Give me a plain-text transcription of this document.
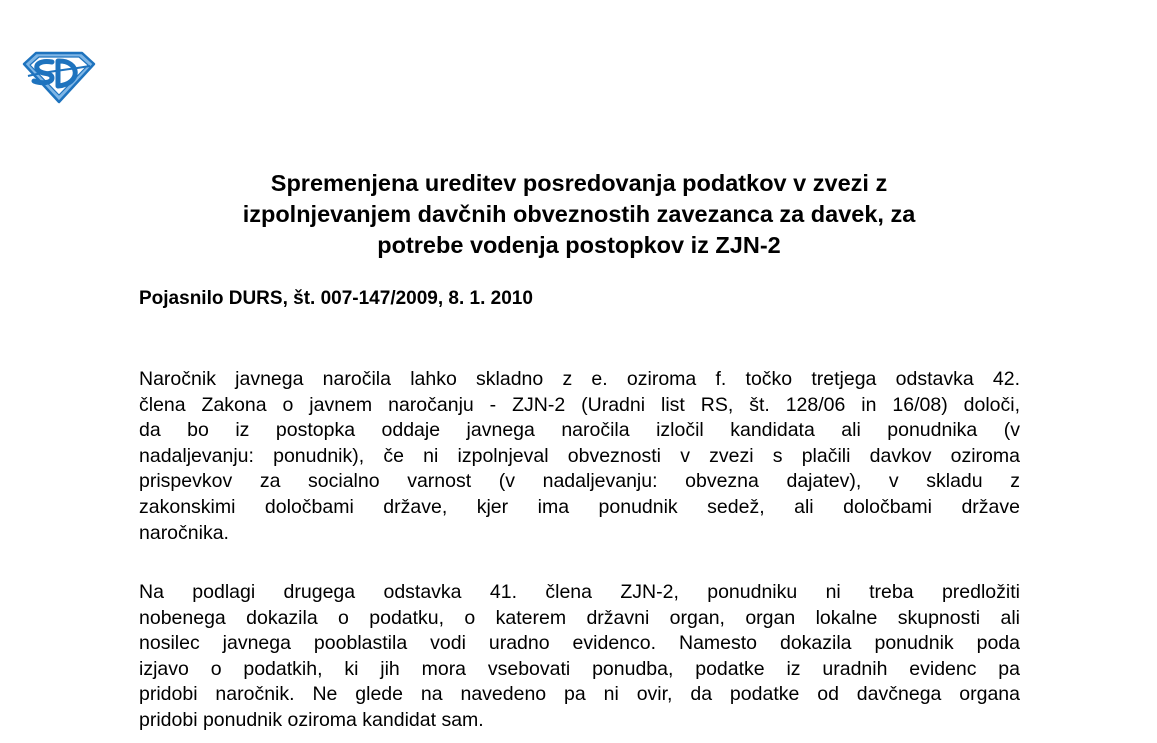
Spremenjena ureditev posredovanja podatkov v zvezi z
izpolnjevanjem davčnih obveznostih zavezanca za davek, za
potrebe vodenja postopkov iz ZJN-2

Pojasnilo DURS, št. 007-147/2009, 8. 1. 2010

Naročnik javnega naročila lahko skladno z e. oziroma f. točko tretjega odstavka 42.
člena Zakona o javnem naročanju - ZJN-2 (Uradni list RS, št. 128/06 in 16/08) določi,
da bo iz postopka oddaje javnega naročila izločil kandidata ali ponudnika (v
nadaljevanju: ponudnik), če ni izpolnjeval obveznosti v zvezi s plačili davkov oziroma
prispevkov za socialno varnost (v nadaljevanju: obvezna dajatev), v skladu z
zakonskimi določbami države, kjer ima ponudnik sedež, ali določbami države
naročnika.
Na podlagi drugega odstavka 41. člena ZJN-2, ponudniku ni treba predložiti
nobenega dokazila o podatku, o katerem državni organ, organ lokalne skupnosti ali
nosilec javnega pooblastila vodi uradno evidenco. Namesto dokazila ponudnik poda
izjavo o podatkih, ki jih mora vsebovati ponudba, podatke iz uradnih evidenc pa
pridobi naročnik. Ne glede na navedeno pa ni ovir, da podatke od davčnega organa
pridobi ponudnik oziroma kandidat sam.
